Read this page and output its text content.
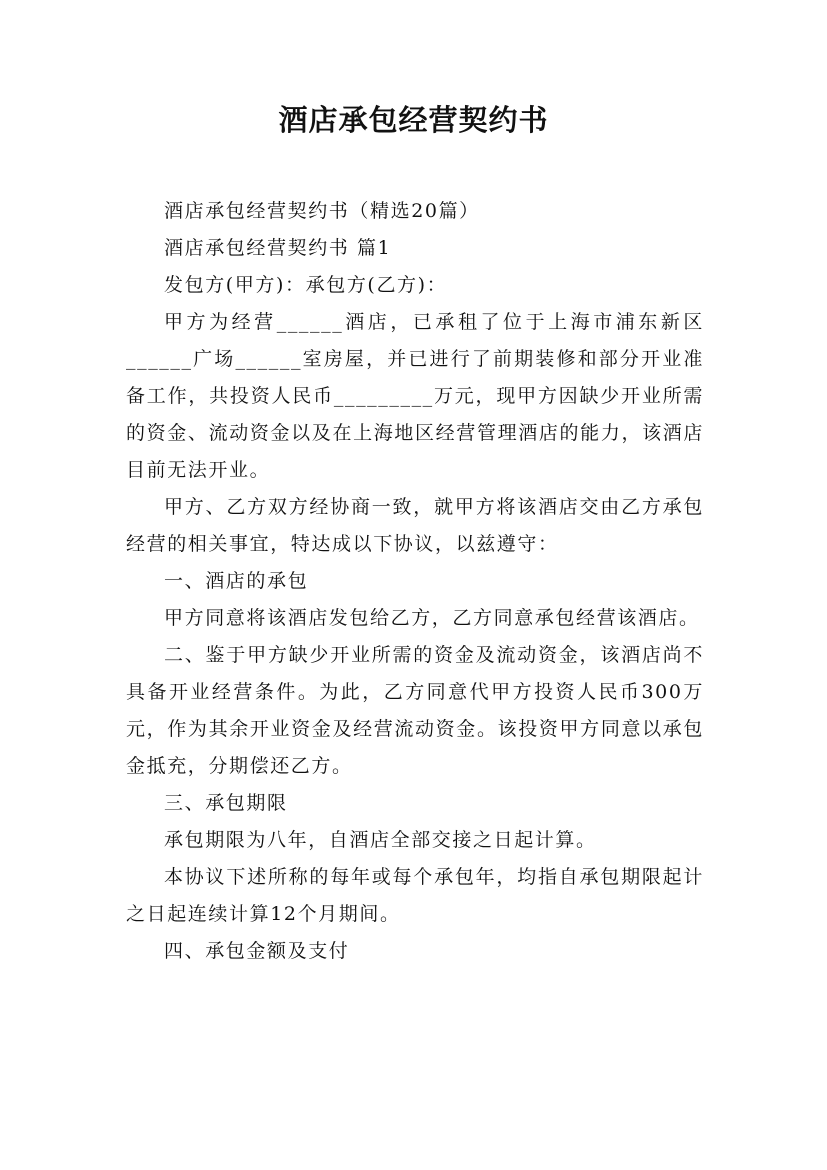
酒店承包经营契约书

酒店承包经营契约书（精选20篇）

酒店承包经营契约书 篇1

发包方(甲方)：承包方(乙方)：

甲方为经营______酒店，已承租了位于上海市浦东新区______广场______室房屋，并已进行了前期装修和部分开业准备工作，共投资人民币_________万元，现甲方因缺少开业所需的资金、流动资金以及在上海地区经营管理酒店的能力，该酒店目前无法开业。

甲方、乙方双方经协商一致，就甲方将该酒店交由乙方承包经营的相关事宜，特达成以下协议，以兹遵守：

一、酒店的承包

甲方同意将该酒店发包给乙方，乙方同意承包经营该酒店。

二、鉴于甲方缺少开业所需的资金及流动资金，该酒店尚不具备开业经营条件。为此，乙方同意代甲方投资人民币300万元，作为其余开业资金及经营流动资金。该投资甲方同意以承包金抵充，分期偿还乙方。

三、承包期限

承包期限为八年，自酒店全部交接之日起计算。

本协议下述所称的每年或每个承包年，均指自承包期限起计之日起连续计算12个月期间。

四、承包金额及支付
